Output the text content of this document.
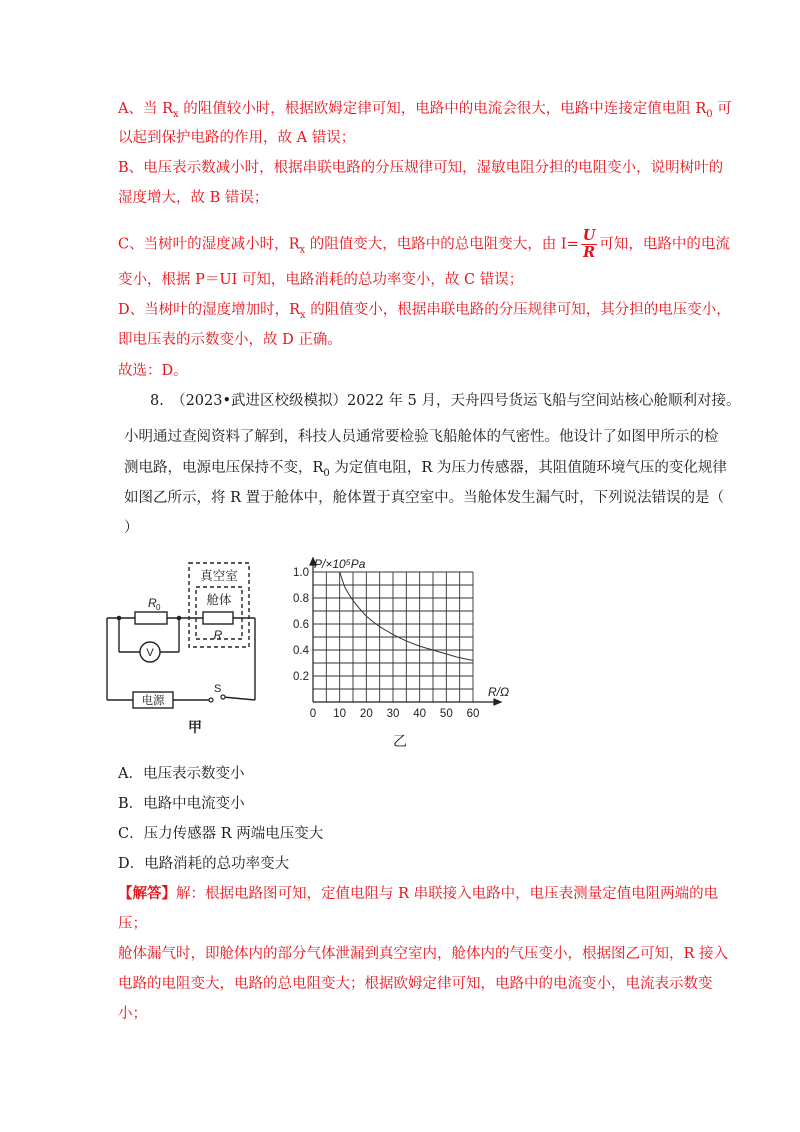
A、当 $R_x$ 的阻值较小时，根据欧姆定律可知，电路中的电流会很大，电路中连接定值电阻 $R_0$ 可
以起到保护电路的作用，故 A 错误；
B、电压表示数减小时，根据串联电路的分压规律可知，湿敏电阻分担的电阻变小，说明树叶的
湿度增大，故 B 错误；
C、当树叶的湿度减小时，$R_x$ 的阻值变大，电路中的总电阻变大，由 $I= \frac{U}{R}$ 可知，电路中的电流
变小，根据 P＝UI 可知，电路消耗的总功率变小，故 C 错误；
D、当树叶的湿度增加时，$R_x$ 的阻值变小，根据串联电路的分压规律可知，其分担的电压变小，
即电压表的示数变小，故 D 正确。
故选：D。
8.　（2023•武进区校级模拟）2022 年 5 月，天舟四号货运飞船与空间站核心舱顺利对接。
小明通过查阅资料了解到，科技人员通常要检验飞船舱体的气密性。他设计了如图甲所示的检
测电路，电源电压保持不变，$R_0$ 为定值电阻，R 为压力传感器，其阻值随环境气压的变化规律
如图乙所示，将 R 置于舱体中，舱体置于真空室中。当舱体发生漏气时，下列说法错误的是（
）
真空室
舱体
R
R 0
V
电源
S
甲
0 10 20 30 40 50 60
1.0
0.8
0.6
0.4
0.2
P/×10⁵Pa
R/Ω
乙
A．电压表示数变小
B．电路中电流变小
C．压力传感器 R 两端电压变大
D．电路消耗的总功率变大
【解答】解：根据电路图可知，定值电阻与 R 串联接入电路中，电压表测量定值电阻两端的电
压；
舱体漏气时，即舱体内的部分气体泄漏到真空室内，舱体内的气压变小，根据图乙可知，R 接入
电路的电阻变大，电路的总电阻变大；根据欧姆定律可知，电路中的电流变小，电流表示数变
小；
